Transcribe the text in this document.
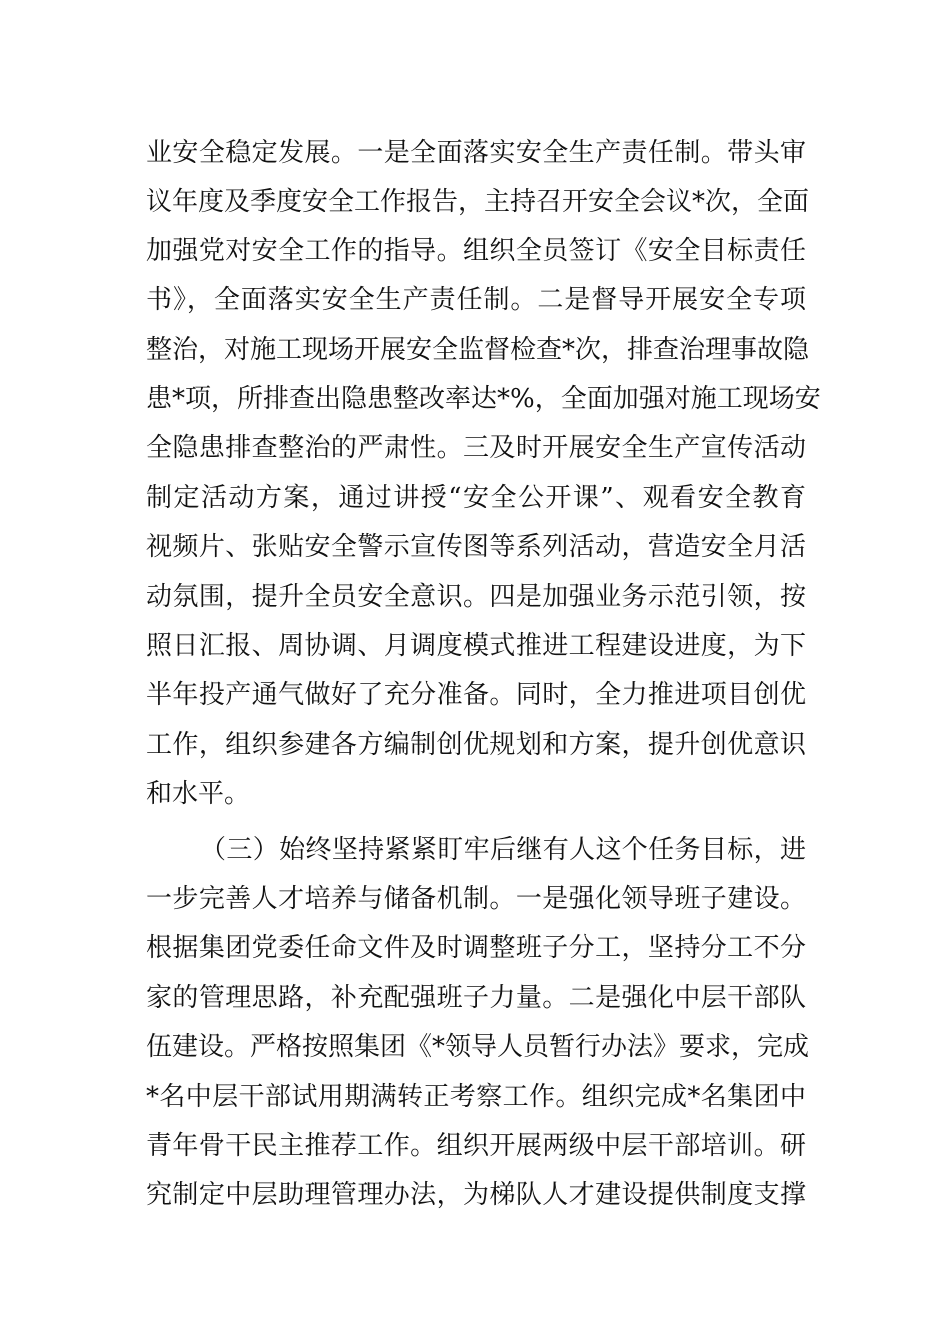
业安全稳定发展。一是全面落实安全生产责任制。带头审
议年度及季度安全工作报告，主持召开安全会议*次，全面
加强党对安全工作的指导。组织全员签订《安全目标责任
书》，全面落实安全生产责任制。二是督导开展安全专项
整治，对施工现场开展安全监督检查*次，排查治理事故隐
患*项，所排查出隐患整改率达*%，全面加强对施工现场安
全隐患排查整治的严肃性。三及时开展安全生产宣传活动
制定活动方案，通过讲授“安全公开课”、观看安全教育
视频片、张贴安全警示宣传图等系列活动，营造安全月活
动氛围，提升全员安全意识。四是加强业务示范引领，按
照日汇报、周协调、月调度模式推进工程建设进度，为下
半年投产通气做好了充分准备。同时，全力推进项目创优
工作，组织参建各方编制创优规划和方案，提升创优意识
和水平。
（三）始终坚持紧紧盯牢后继有人这个任务目标，进
一步完善人才培养与储备机制。一是强化领导班子建设。
根据集团党委任命文件及时调整班子分工，坚持分工不分
家的管理思路，补充配强班子力量。二是强化中层干部队
伍建设。严格按照集团《*领导人员暂行办法》要求，完成
*名中层干部试用期满转正考察工作。组织完成*名集团中
青年骨干民主推荐工作。组织开展两级中层干部培训。研
究制定中层助理管理办法，为梯队人才建设提供制度支撑
